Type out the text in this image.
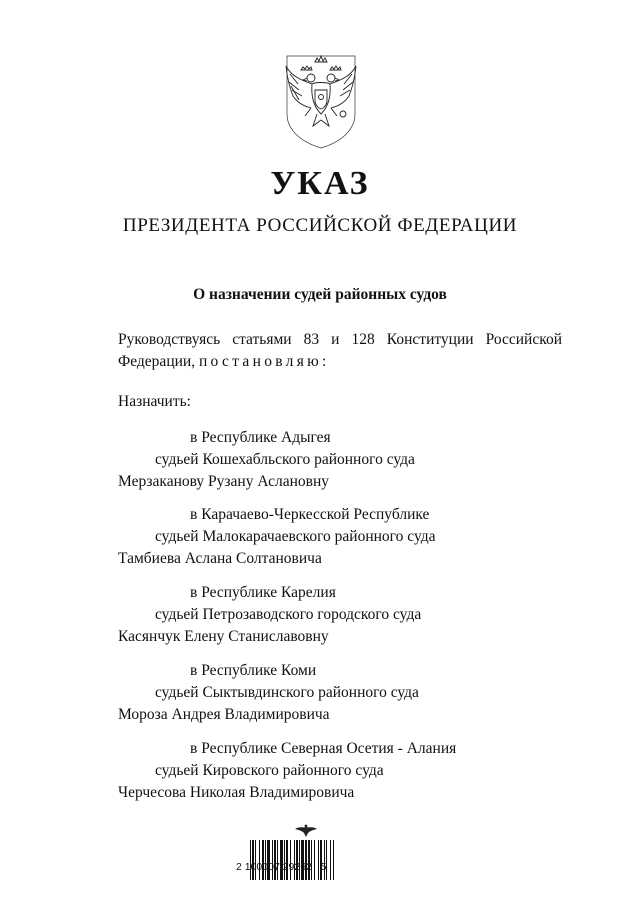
УКАЗ
ПРЕЗИДЕНТА РОССИЙСКОЙ ФЕДЕРАЦИИ
О назначении судей районных судов
Руководствуясь статьями 83 и 128 Конституции Российской
Федерации, постановляю:
Назначить:
в Республике Адыгея
судьей Кошехабльского районного суда
Мерзаканову Рузану Аслановну
в Карачаево-Черкесской Республике
судьей Малокарачаевского районного суда
Тамбиева Аслана Солтановича
в Республике Карелия
судьей Петрозаводского городского суда
Касянчук Елену Станиславовну
в Республике Коми
судьей Сыктывдинского районного суда
Мороза Андрея Владимировича
в Республике Северная Осетия - Алания
судьей Кировского районного суда
Черчесова Николая Владимировича
2 100007 29262   5
